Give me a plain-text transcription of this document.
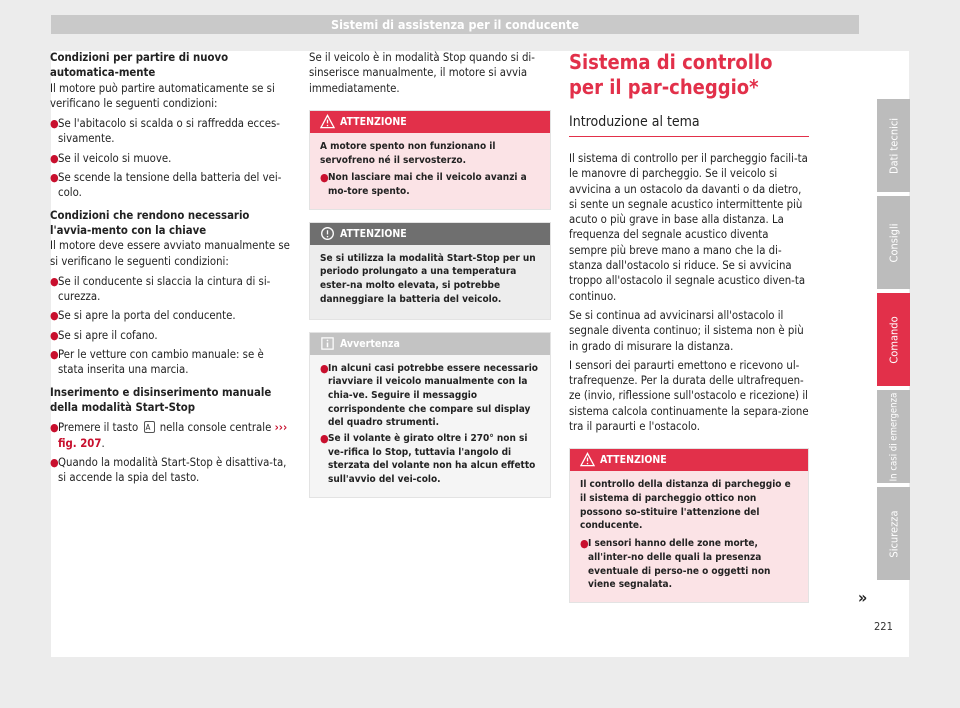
Sistemi di assistenza per il conducente

Condizioni per partire di nuovo automatica-mente

Il motore può partire automaticamente se si verificano le seguenti condizioni:

● Se l'abitacolo si scalda o si raffredda ecces-sivamente.
● Se il veicolo si muove.
● Se scende la tensione della batteria del vei-colo.

Condizioni che rendono necessario l'avvia-mento con la chiave

Il motore deve essere avviato manualmente se si verificano le seguenti condizioni:

● Se il conducente si slaccia la cintura di si-curezza.
● Se si apre la porta del conducente.
● Se si apre il cofano.
● Per le vetture con cambio manuale: se è stata inserita una marcia.

Inserimento e disinserimento manuale della modalità Start-Stop

● Premere il tasto A nella console centrale ››› fig. 207.
● Quando la modalità Start-Stop è disattiva-ta, si accende la spia del tasto.

Se il veicolo è in modalità Stop quando si di-sinserisce manualmente, il motore si avvia immediatamente.

ATTENZIONE

A motore spento non funzionano il servofreno né il servosterzo.

● Non lasciare mai che il veicolo avanzi a mo-tore spento.
ATTENZIONE

Se si utilizza la modalità Start-Stop per un periodo prolungato a una temperatura ester-na molto elevata, si potrebbe danneggiare la batteria del veicolo.

Avvertenza
● In alcuni casi potrebbe essere necessario riavviare il veicolo manualmente con la chia-ve. Seguire il messaggio corrispondente che compare sul display del quadro strumenti.
● Se il volante è girato oltre i 270° non si ve-rifica lo Stop, tuttavia l'angolo di sterzata del volante non ha alcun effetto sull'avvio del vei-colo.
Sistema di controllo per il par-cheggio*
Introduzione al tema

Il sistema di controllo per il parcheggio facili-ta le manovre di parcheggio. Se il veicolo si avvicina a un ostacolo da davanti o da dietro, si sente un segnale acustico intermittente più acuto o più grave in base alla distanza. La frequenza del segnale acustico diventa sempre più breve mano a mano che la di-stanza dall'ostacolo si riduce. Se si avvicina troppo all'ostacolo il segnale acustico diven-ta continuo.

Se si continua ad avvicinarsi all'ostacolo il segnale diventa continuo; il sistema non è più in grado di misurare la distanza.

I sensori dei paraurti emettono e ricevono ul-trafrequenze. Per la durata delle ultrafrequen-ze (invio, riflessione sull'ostacolo e ricezione) il sistema calcola continuamente la separa-zione tra il paraurti e l'ostacolo.

ATTENZIONE

Il controllo della distanza di parcheggio e il sistema di parcheggio ottico non possono so-stituire l'attenzione del conducente.

● I sensori hanno delle zone morte, all'inter-no delle quali la presenza eventuale di perso-ne o oggetti non viene segnalata.
»
Dati tecnici
Consigli
Comando
In casi di emergenza
Sicurezza
221
